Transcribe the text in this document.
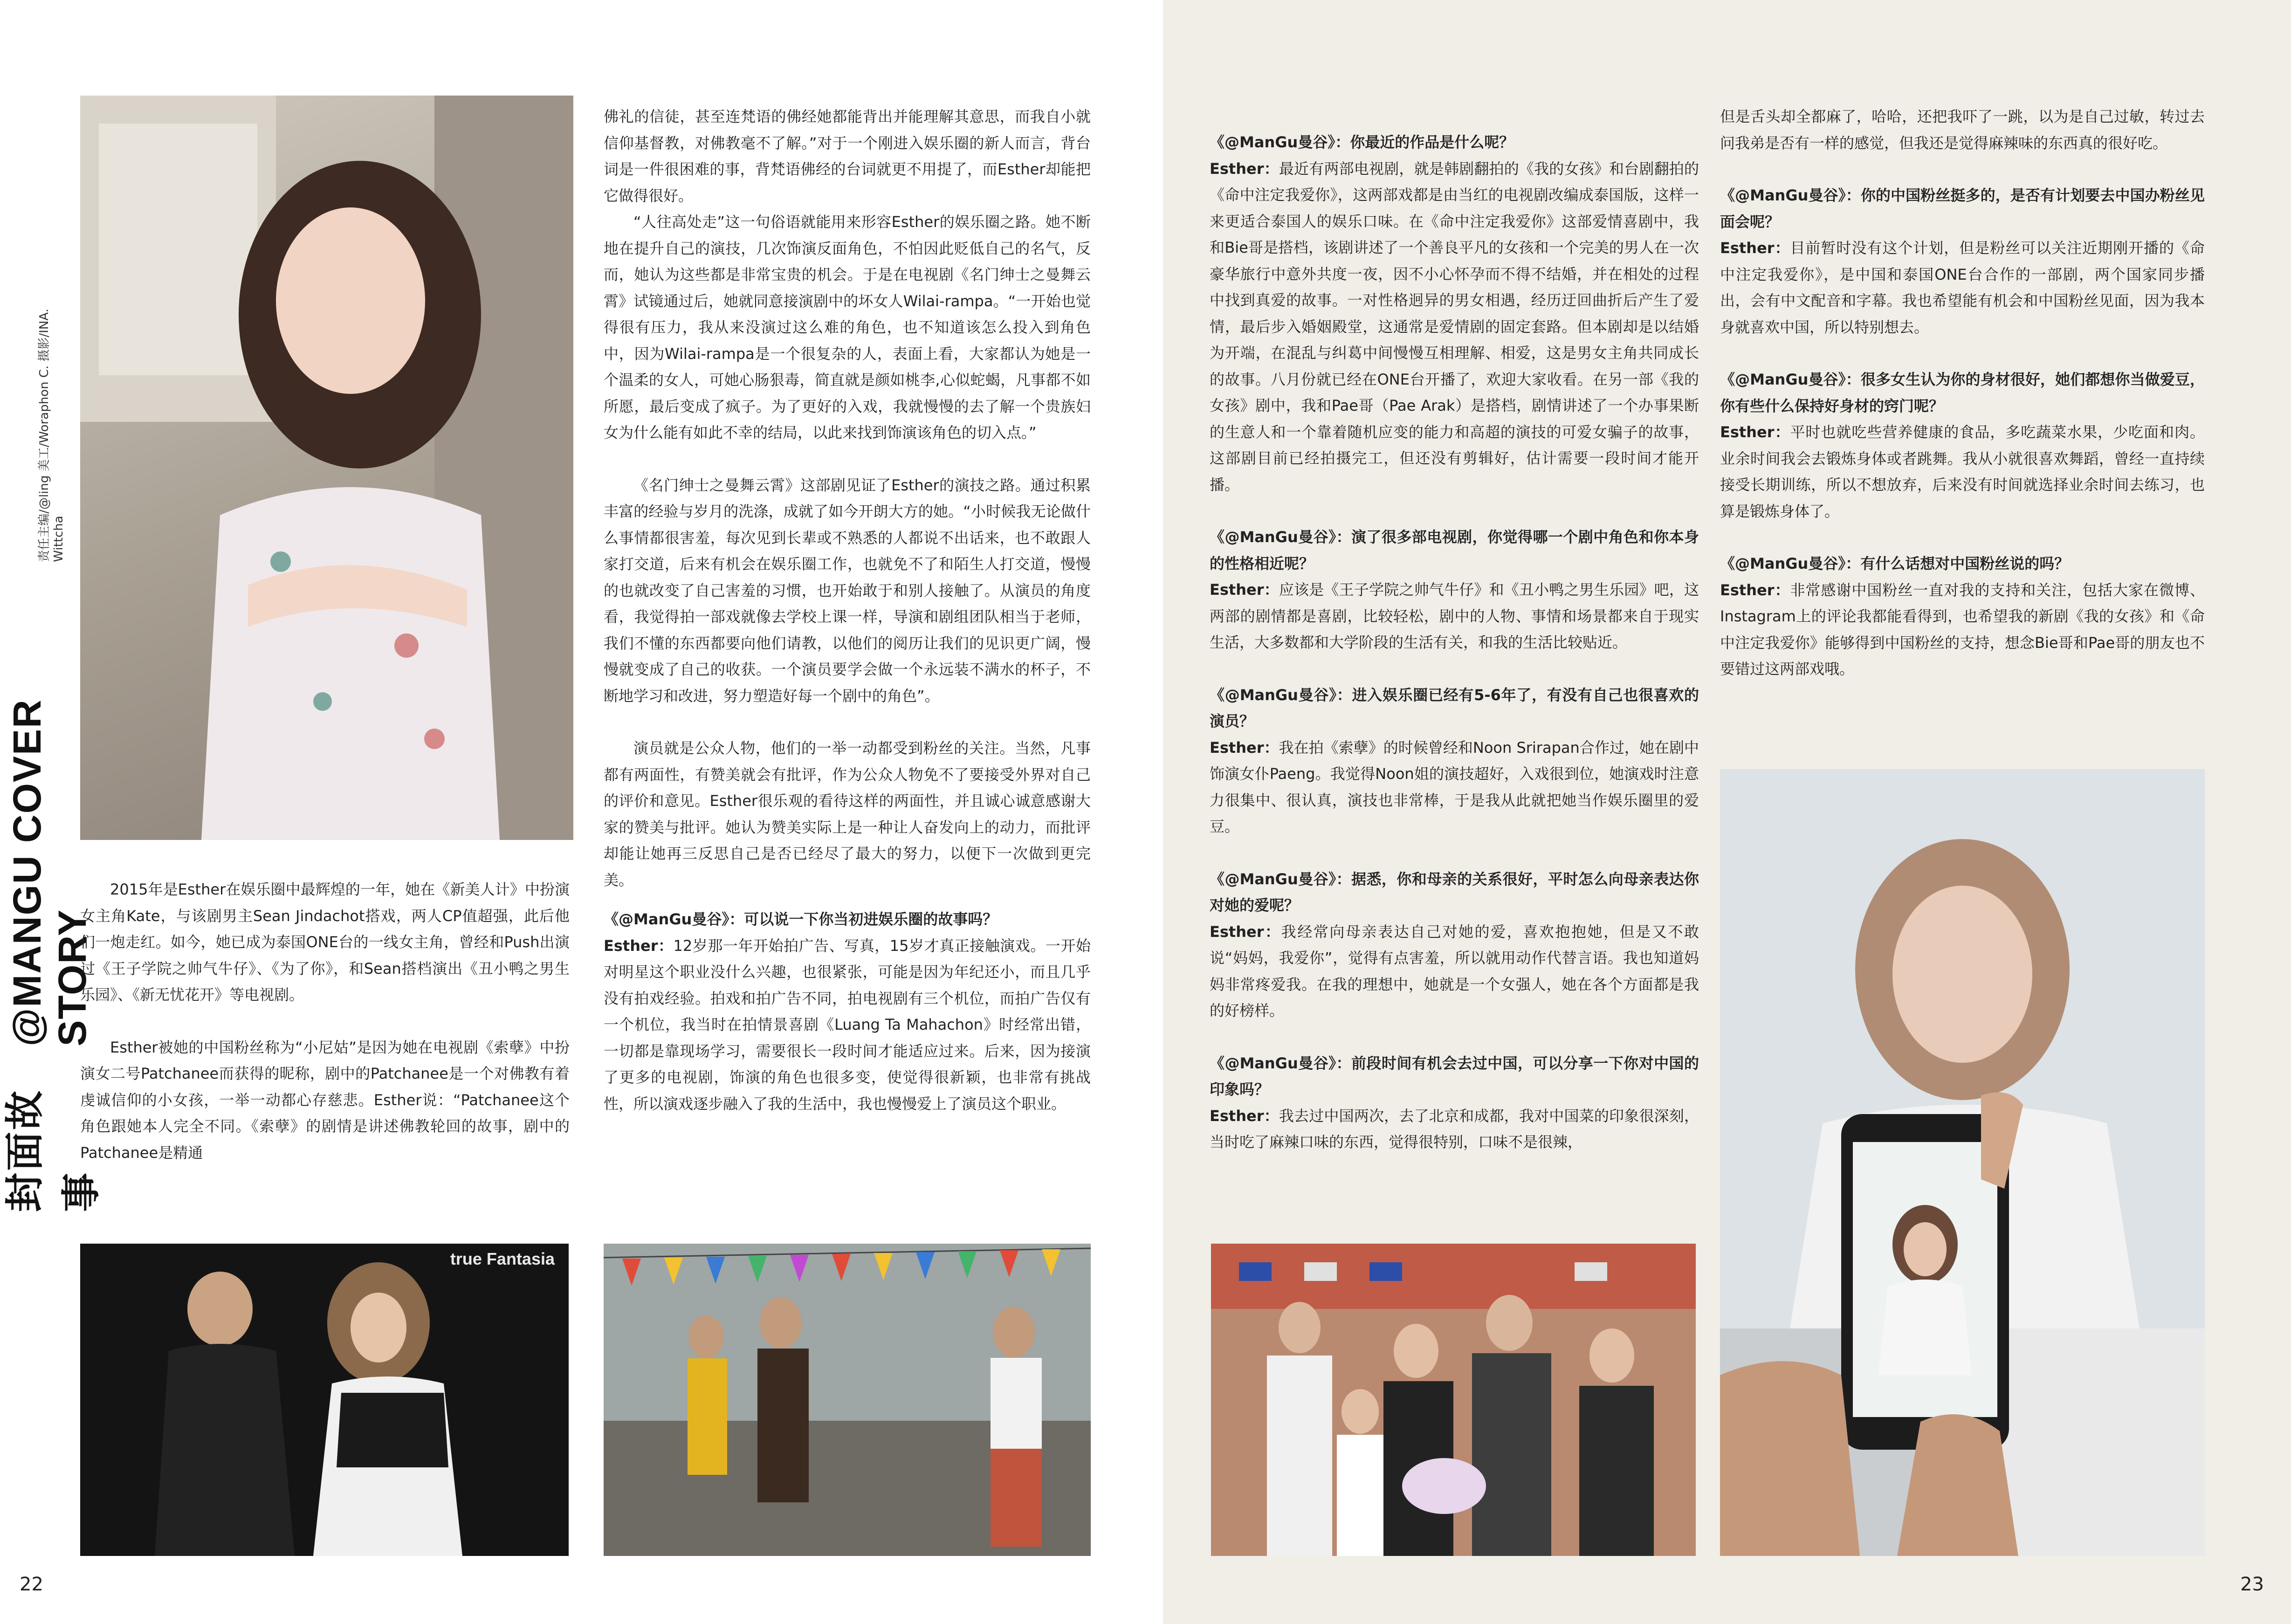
封面故事
@MANGU COVER STORY
责任主编/@ling 美工/Woraphon C. 摄影/INA. Wittcha

2015年是Esther在娱乐圈中最辉煌的一年，她在《新美人计》中扮演女主角Kate，与该剧男主Sean Jindachot搭戏，两人CP值超强，此后他们一炮走红。如今，她已成为泰国ONE台的一线女主角，曾经和Push出演过《王子学院之帅气牛仔》、《为了你》，和Sean搭档演出《丑小鸭之男生乐园》、《新无忧花开》等电视剧。

Esther被她的中国粉丝称为“小尼姑”是因为她在电视剧《索孽》中扮演女二号Patchanee而获得的昵称，剧中的Patchanee是一个对佛教有着虔诚信仰的小女孩，一举一动都心存慈悲。Esther说：“Patchanee这个角色跟她本人完全不同。《索孽》的剧情是讲述佛教轮回的故事，剧中的Patchanee是精通

佛礼的信徒，甚至连梵语的佛经她都能背出并能理解其意思，而我自小就信仰基督教，对佛教毫不了解。”对于一个刚进入娱乐圈的新人而言，背台词是一件很困难的事，背梵语佛经的台词就更不用提了，而Esther却能把它做得很好。

“人往高处走”这一句俗语就能用来形容Esther的娱乐圈之路。她不断地在提升自己的演技，几次饰演反面角色，不怕因此贬低自己的名气，反而，她认为这些都是非常宝贵的机会。于是在电视剧《名门绅士之曼舞云霄》试镜通过后，她就同意接演剧中的坏女人Wilai-rampa。“一开始也觉得很有压力，我从来没演过这么难的角色，也不知道该怎么投入到角色中，因为Wilai-rampa是一个很复杂的人，表面上看，大家都认为她是一个温柔的女人，可她心肠狠毒，简直就是颜如桃李,心似蛇蝎，凡事都不如所愿，最后变成了疯子。为了更好的入戏，我就慢慢的去了解一个贵族妇女为什么能有如此不幸的结局，以此来找到饰演该角色的切入点。”

《名门绅士之曼舞云霄》这部剧见证了Esther的演技之路。通过积累丰富的经验与岁月的洗涤，成就了如今开朗大方的她。“小时候我无论做什么事情都很害羞，每次见到长辈或不熟悉的人都说不出话来，也不敢跟人家打交道，后来有机会在娱乐圈工作，也就免不了和陌生人打交道，慢慢的也就改变了自己害羞的习惯，也开始敢于和别人接触了。从演员的角度看，我觉得拍一部戏就像去学校上课一样，导演和剧组团队相当于老师，我们不懂的东西都要向他们请教，以他们的阅历让我们的见识更广阔，慢慢就变成了自己的收获。一个演员要学会做一个永远装不满水的杯子，不断地学习和改进，努力塑造好每一个剧中的角色”。

演员就是公众人物，他们的一举一动都受到粉丝的关注。当然，凡事都有两面性，有赞美就会有批评，作为公众人物免不了要接受外界对自己的评价和意见。Esther很乐观的看待这样的两面性，并且诚心诚意感谢大家的赞美与批评。她认为赞美实际上是一种让人奋发向上的动力，而批评却能让她再三反思自己是否已经尽了最大的努力，以便下一次做到更完美。

《@ManGu曼谷》：可以说一下你当初进娱乐圈的故事吗？

Esther：12岁那一年开始拍广告、写真，15岁才真正接触演戏。一开始对明星这个职业没什么兴趣，也很紧张，可能是因为年纪还小，而且几乎没有拍戏经验。拍戏和拍广告不同，拍电视剧有三个机位，而拍广告仅有一个机位，我当时在拍情景喜剧《Luang Ta Mahachon》时经常出错，一切都是靠现场学习，需要很长一段时间才能适应过来。后来，因为接演了更多的电视剧，饰演的角色也很多变，使觉得很新颖，也非常有挑战性，所以演戏逐步融入了我的生活中，我也慢慢爱上了演员这个职业。

true Fantasia

《@ManGu曼谷》：你最近的作品是什么呢？

Esther：最近有两部电视剧，就是韩剧翻拍的《我的女孩》和台剧翻拍的《命中注定我爱你》，这两部戏都是由当红的电视剧改编成泰国版，这样一来更适合泰国人的娱乐口味。在《命中注定我爱你》这部爱情喜剧中，我和Bie哥是搭档，该剧讲述了一个善良平凡的女孩和一个完美的男人在一次豪华旅行中意外共度一夜，因不小心怀孕而不得不结婚，并在相处的过程中找到真爱的故事。一对性格迥异的男女相遇，经历迂回曲折后产生了爱情，最后步入婚姻殿堂，这通常是爱情剧的固定套路。但本剧却是以结婚为开端，在混乱与纠葛中间慢慢互相理解、相爱，这是男女主角共同成长的故事。八月份就已经在ONE台开播了，欢迎大家收看。在另一部《我的女孩》剧中，我和Pae哥（Pae Arak）是搭档，剧情讲述了一个办事果断的生意人和一个靠着随机应变的能力和高超的演技的可爱女骗子的故事，这部剧目前已经拍摄完工，但还没有剪辑好，估计需要一段时间才能开播。

《@ManGu曼谷》：演了很多部电视剧，你觉得哪一个剧中角色和你本身的性格相近呢？

Esther：应该是《王子学院之帅气牛仔》和《丑小鸭之男生乐园》吧，这两部的剧情都是喜剧，比较轻松，剧中的人物、事情和场景都来自于现实生活，大多数都和大学阶段的生活有关，和我的生活比较贴近。

《@ManGu曼谷》：进入娱乐圈已经有5-6年了，有没有自己也很喜欢的演员？

Esther：我在拍《索孽》的时候曾经和Noon Srirapan合作过，她在剧中饰演女仆Paeng。我觉得Noon姐的演技超好，入戏很到位，她演戏时注意力很集中、很认真，演技也非常棒，于是我从此就把她当作娱乐圈里的爱豆。

《@ManGu曼谷》：据悉，你和母亲的关系很好，平时怎么向母亲表达你对她的爱呢？

Esther：我经常向母亲表达自己对她的爱，喜欢抱抱她，但是又不敢说“妈妈，我爱你”，觉得有点害羞，所以就用动作代替言语。我也知道妈妈非常疼爱我。在我的理想中，她就是一个女强人，她在各个方面都是我的好榜样。

《@ManGu曼谷》：前段时间有机会去过中国，可以分享一下你对中国的印象吗？

Esther：我去过中国两次，去了北京和成都，我对中国菜的印象很深刻，当时吃了麻辣口味的东西，觉得很特别，口味不是很辣，

但是舌头却全都麻了，哈哈，还把我吓了一跳，以为是自己过敏，转过去问我弟是否有一样的感觉，但我还是觉得麻辣味的东西真的很好吃。

《@ManGu曼谷》：你的中国粉丝挺多的，是否有计划要去中国办粉丝见面会呢？

Esther：目前暂时没有这个计划，但是粉丝可以关注近期刚开播的《命中注定我爱你》，是中国和泰国ONE台合作的一部剧，两个国家同步播出，会有中文配音和字幕。我也希望能有机会和中国粉丝见面，因为我本身就喜欢中国，所以特别想去。

《@ManGu曼谷》：很多女生认为你的身材很好，她们都想你当做爱豆，你有些什么保持好身材的窍门呢？

Esther：平时也就吃些营养健康的食品，多吃蔬菜水果，少吃面和肉。业余时间我会去锻炼身体或者跳舞。我从小就很喜欢舞蹈，曾经一直持续接受长期训练，所以不想放弃，后来没有时间就选择业余时间去练习，也算是锻炼身体了。

《@ManGu曼谷》：有什么话想对中国粉丝说的吗？

Esther：非常感谢中国粉丝一直对我的支持和关注，包括大家在微博、Instagram上的评论我都能看得到，也希望我的新剧《我的女孩》和《命中注定我爱你》能够得到中国粉丝的支持，想念Bie哥和Pae哥的朋友也不要错过这两部戏哦。

22	23
